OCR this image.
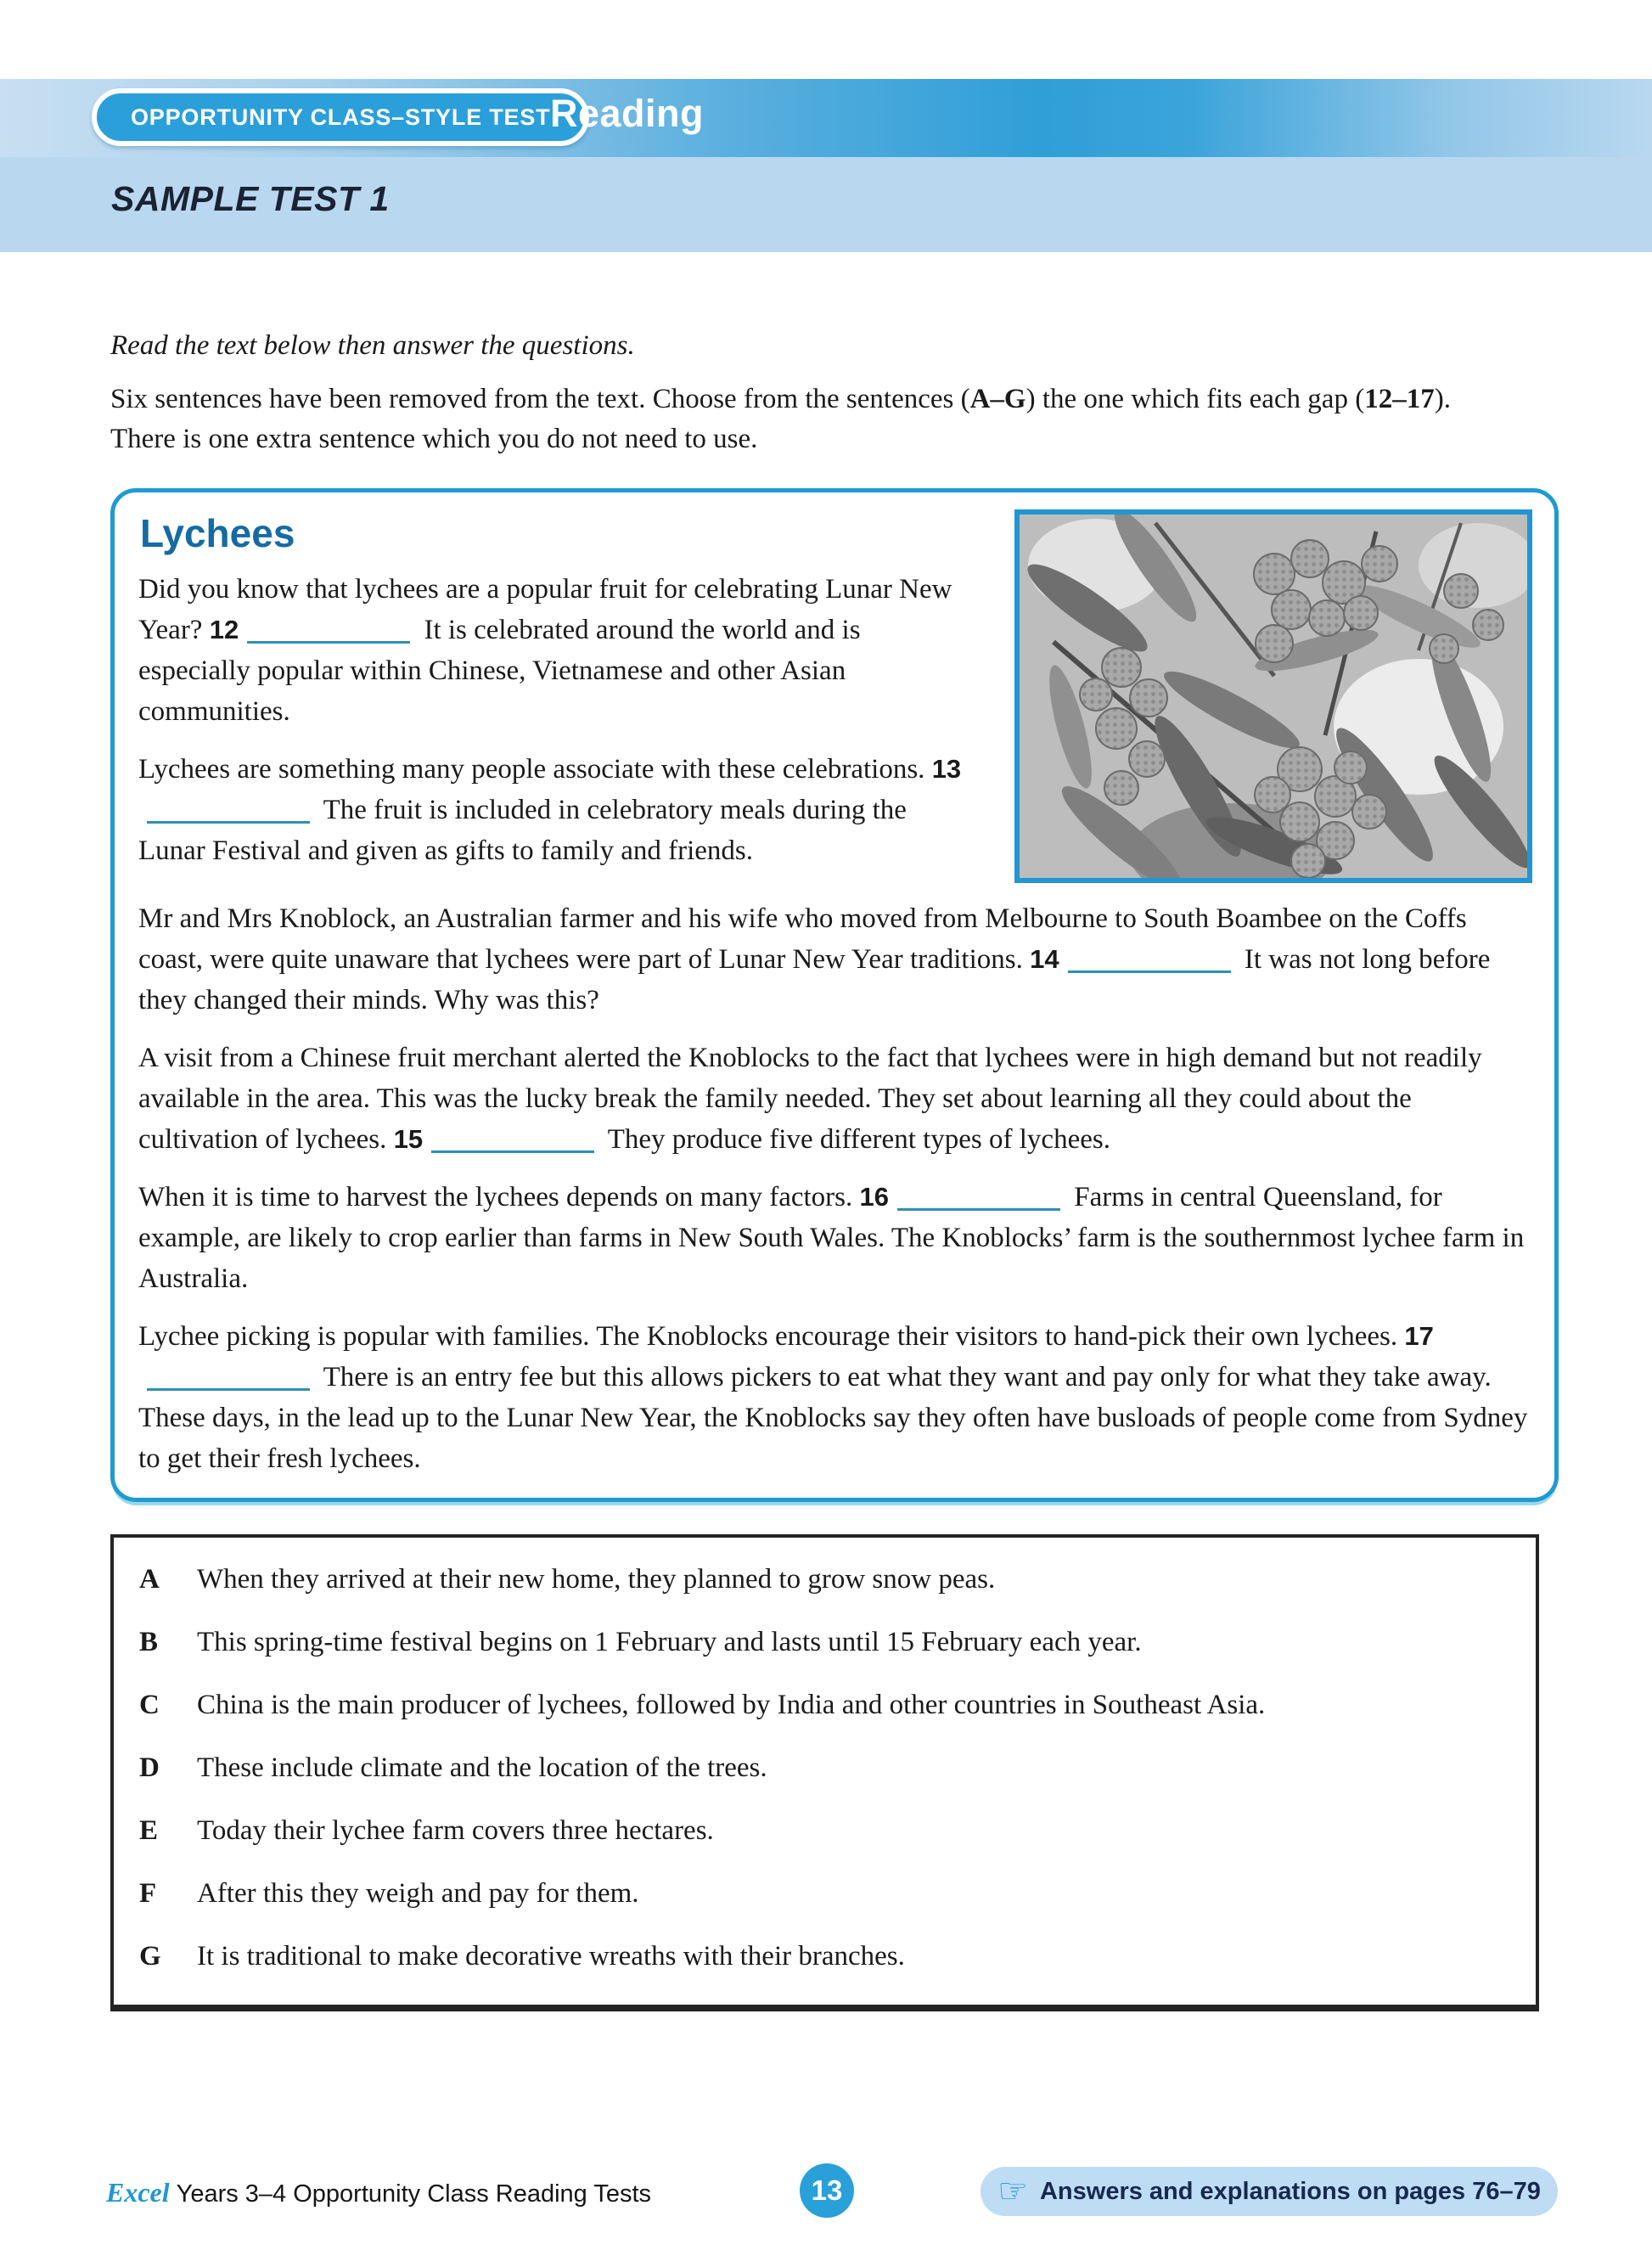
OPPORTUNITY CLASS–STYLE TEST Reading
SAMPLE TEST 1

Read the text below then answer the questions.

Six sentences have been removed from the text. Choose from the sentences (A–G) the one which fits each gap (12–17). There is one extra sentence which you do not need to use.

Lychees

Did you know that lychees are a popular fruit for celebrating Lunar New Year? 12	It is celebrated around the world and is especially popular within Chinese, Vietnamese and other Asian communities.

Lychees are something many people associate with these celebrations. 13 The fruit is included in celebratory meals during the Lunar Festival and given as gifts to family and friends.

Mr and Mrs Knoblock, an Australian farmer and his wife who moved from Melbourne to South Boambee on the Coffs coast, were quite unaware that lychees were part of Lunar New Year traditions. 14	It was not long before they changed their minds. Why was this?

A visit from a Chinese fruit merchant alerted the Knoblocks to the fact that lychees were in high demand but not readily available in the area. This was the lucky break the family needed. They set about learning all they could about the cultivation of lychees. 15	They produce five different types of lychees.

When it is time to harvest the lychees depends on many factors. 16	Farms in central Queensland, for example, are likely to crop earlier than farms in New South Wales. The Knoblocks’ farm is the southernmost lychee farm in Australia.

Lychee picking is popular with families. The Knoblocks encourage their visitors to hand-pick their own lychees. 17 There is an entry fee but this allows pickers to eat what they want and pay only for what they take away. These days, in the lead up to the Lunar New Year, the Knoblocks say they often have busloads of people come from Sydney to get their fresh lychees.

A	When they arrived at their new home, they planned to grow snow peas.
B	This spring-time festival begins on 1 February and lasts until 15 February each year.
C	China is the main producer of lychees, followed by India and other countries in Southeast Asia.
D	These include climate and the location of the trees.
E	Today their lychee farm covers three hectares.
F	After this they weigh and pay for them.
G	It is traditional to make decorative wreaths with their branches.
Excel Years 3–4 Opportunity Class Reading Tests	13	☞ Answers and explanations on pages 76–79
